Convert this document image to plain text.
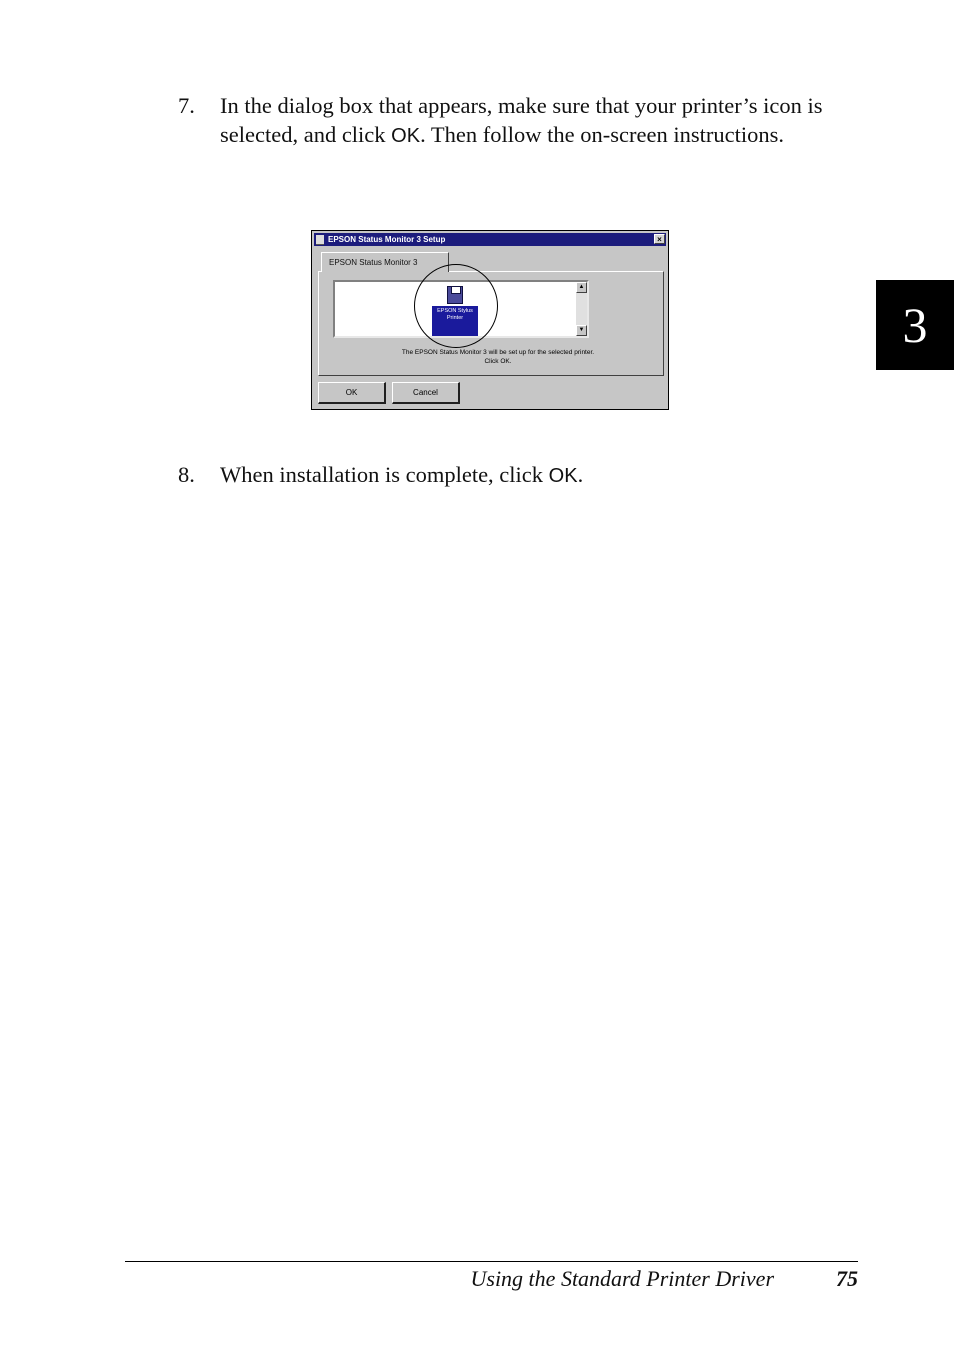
7. In the dialog box that appears, make sure that your printer’s icon is selected, and click OK. Then follow the on-screen instructions.
3
EPSON Status Monitor 3 Setup	×
EPSON Status Monitor 3
EPSON Stylus Printer
▲
▼
The EPSON Status Monitor 3 will be set up for the selected printer. Click OK.
OK	Cancel
8. When installation is complete, click OK.
Using the Standard Printer Driver	75
